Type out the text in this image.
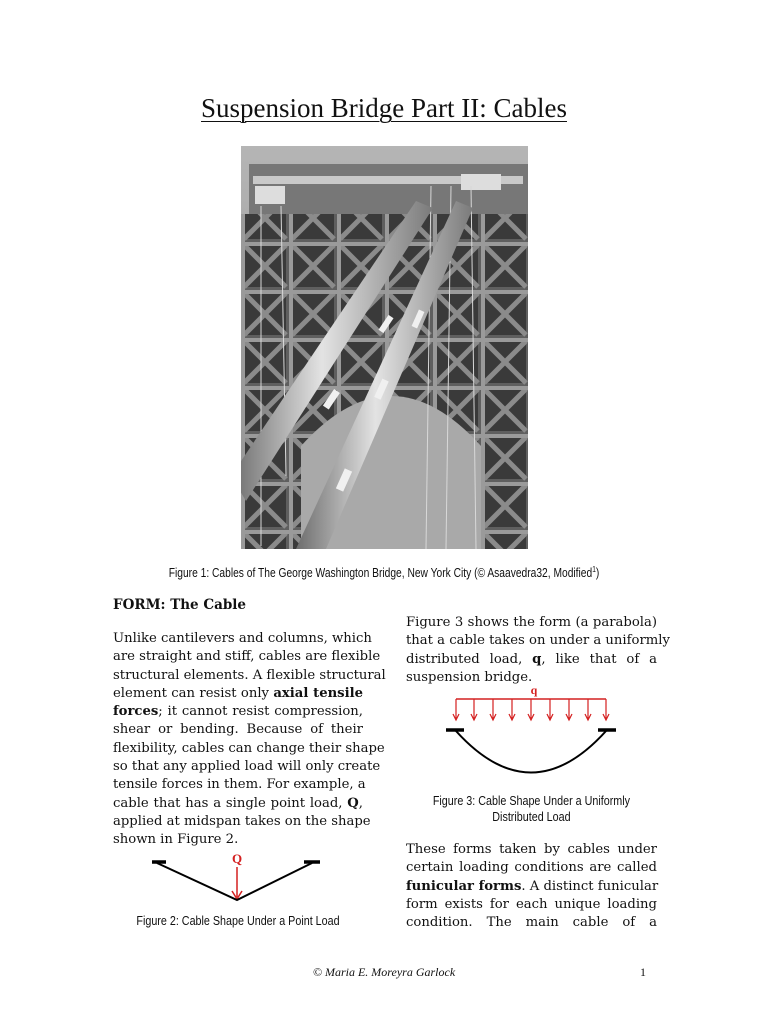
Suspension Bridge Part II: Cables
Figure 1: Cables of The George Washington Bridge, New York City (© Asaavedra32, Modified$^1$)
FORM: The Cable
Unlike cantilevers and columns, which
are straight and stiff, cables are flexible
structural elements. A flexible structural
element can resist only axial tensile
forces; it cannot resist compression,
shear or bending. Because of their
flexibility, cables can change their shape
so that any applied load will only create
tensile forces in them. For example, a
cable that has a single point load, Q,
applied at midspan takes on the shape
shown in Figure 2.
Q
Figure 2: Cable Shape Under a Point Load
Figure 3 shows the form (a parabola)
that a cable takes on under a uniformly
distributed load, q, like that of a
suspension bridge.
q
Figure 3: Cable Shape Under a Uniformly
Distributed Load
These forms taken by cables under
certain loading conditions are called
funicular forms. A distinct funicular
form exists for each unique loading
condition. The main cable of a
© Maria E. Moreyra Garlock	1
